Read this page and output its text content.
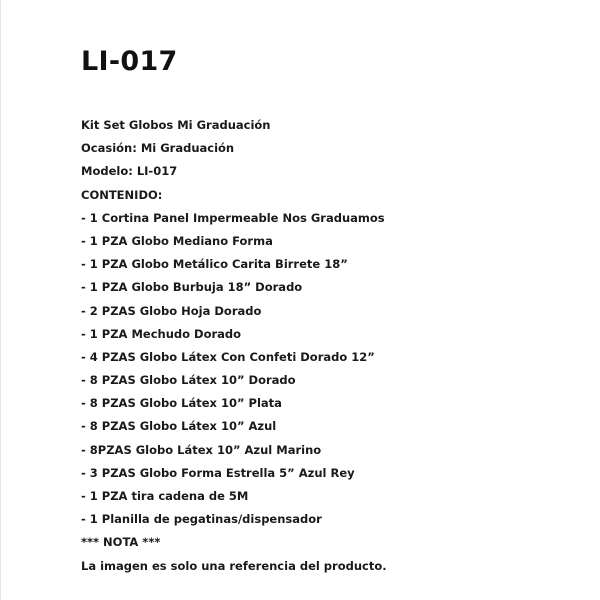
LI-017
Kit Set Globos Mi Graduación
Ocasión: Mi Graduación
Modelo: LI-017
CONTENIDO:
- 1 Cortina Panel Impermeable Nos Graduamos
- 1 PZA Globo Mediano Forma
- 1 PZA Globo Metálico Carita Birrete 18”
- 1 PZA Globo Burbuja 18” Dorado
- 2 PZAS Globo Hoja Dorado
- 1 PZA Mechudo Dorado
- 4 PZAS Globo Látex Con Confeti Dorado 12”
- 8 PZAS Globo Látex 10” Dorado
- 8 PZAS Globo Látex 10” Plata
- 8 PZAS Globo Látex 10” Azul
- 8PZAS Globo Látex 10” Azul Marino
- 3 PZAS Globo Forma Estrella 5” Azul Rey
- 1 PZA tira cadena de 5M
- 1 Planilla de pegatinas/dispensador
*** NOTA ***
La imagen es solo una referencia del producto.
